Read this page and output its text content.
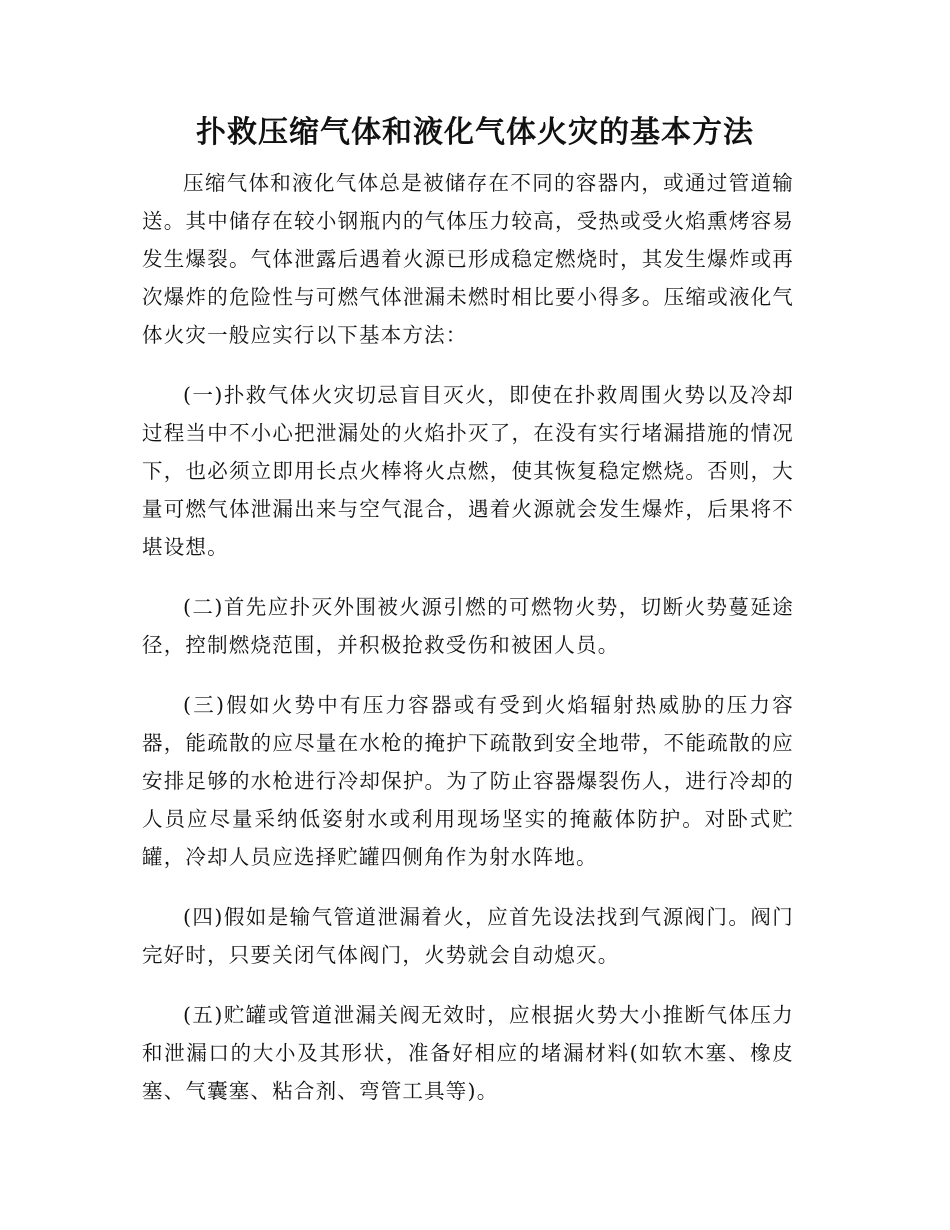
扑救压缩气体和液化气体火灾的基本方法

压缩气体和液化气体总是被储存在不同的容器内，或通过管道输送。其中储存在较小钢瓶内的气体压力较高，受热或受火焰熏烤容易发生爆裂。气体泄露后遇着火源已形成稳定燃烧时，其发生爆炸或再次爆炸的危险性与可燃气体泄漏未燃时相比要小得多。压缩或液化气体火灾一般应实行以下基本方法：

(一)扑救气体火灾切忌盲目灭火，即使在扑救周围火势以及冷却过程当中不小心把泄漏处的火焰扑灭了，在没有实行堵漏措施的情况下，也必须立即用长点火棒将火点燃，使其恢复稳定燃烧。否则，大量可燃气体泄漏出来与空气混合，遇着火源就会发生爆炸，后果将不堪设想。

(二)首先应扑灭外围被火源引燃的可燃物火势，切断火势蔓延途径，控制燃烧范围，并积极抢救受伤和被困人员。

(三)假如火势中有压力容器或有受到火焰辐射热威胁的压力容器，能疏散的应尽量在水枪的掩护下疏散到安全地带，不能疏散的应安排足够的水枪进行冷却保护。为了防止容器爆裂伤人，进行冷却的人员应尽量采纳低姿射水或利用现场坚实的掩蔽体防护。对卧式贮罐，冷却人员应选择贮罐四侧角作为射水阵地。

(四)假如是输气管道泄漏着火，应首先设法找到气源阀门。阀门完好时，只要关闭气体阀门，火势就会自动熄灭。

(五)贮罐或管道泄漏关阀无效时，应根据火势大小推断气体压力和泄漏口的大小及其形状，准备好相应的堵漏材料(如软木塞、橡皮塞、气囊塞、粘合剂、弯管工具等)。
